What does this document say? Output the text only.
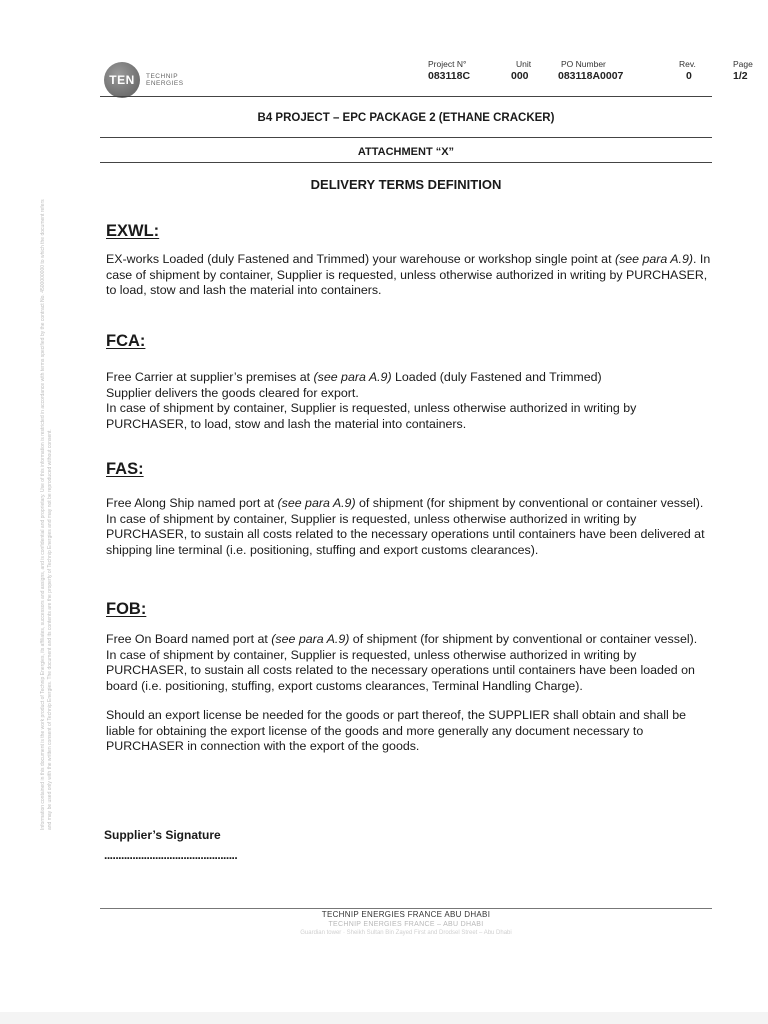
TEN	TECHNIP
ENERGIES
Project N°
083118C
Unit
000
PO Number
083118A0007
Rev.
0
Page
1/2
B4 PROJECT – EPC PACKAGE 2 (ETHANE CRACKER)
ATTACHMENT “X”
DELIVERY TERMS DEFINITION
EXWL:

EX-works Loaded (duly Fastened and Trimmed) your warehouse or workshop single point at (see para A.9). In case of shipment by container, Supplier is requested, unless otherwise authorized in writing by PURCHASER, to load, stow and lash the material into containers.

FCA:

Free Carrier at supplier’s premises at (see para A.9) Loaded (duly Fastened and Trimmed)

Supplier delivers the goods cleared for export.

In case of shipment by container, Supplier is requested, unless otherwise authorized in writing by PURCHASER, to load, stow and lash the material into containers.

FAS:

Free Along Ship named port at (see para A.9) of shipment (for shipment by conventional or container vessel).

In case of shipment by container, Supplier is requested, unless otherwise authorized in writing by PURCHASER, to sustain all costs related to the necessary operations until containers have been delivered at shipping line terminal (i.e. positioning, stuffing and export customs clearances).

FOB:

Free On Board named port at (see para A.9) of shipment (for shipment by conventional or container vessel).

In case of shipment by container, Supplier is requested, unless otherwise authorized in writing by PURCHASER, to sustain all costs related to the necessary operations until containers have been loaded on board (i.e. positioning, stuffing, export customs clearances, Terminal Handling Charge).

Should an export license be needed for the goods or part thereof, the SUPPLIER shall obtain and shall be liable for obtaining the export license of the goods and more generally any document necessary to PURCHASER in connection with the export of the goods.

Supplier’s Signature
...............................................
TECHNIP ENERGIES FRANCE ABU DHABI
TECHNIP ENERGIES FRANCE – ABU DHABI
Guardian tower · Sheikh Sultan Bin Zayed First and Drodsel Street – Abu Dhabi
Information contained in this document is the work product of Technip Energies, its affiliates, successors and assigns, and is confidential and proprietary. Use of this information is restricted in accordance with terms specified by the contract No. 4500000000 to which the document refers and may be used only with the written consent of Technip Energies. The document and its contents are the property of Technip Energies and may not be reproduced without consent.
